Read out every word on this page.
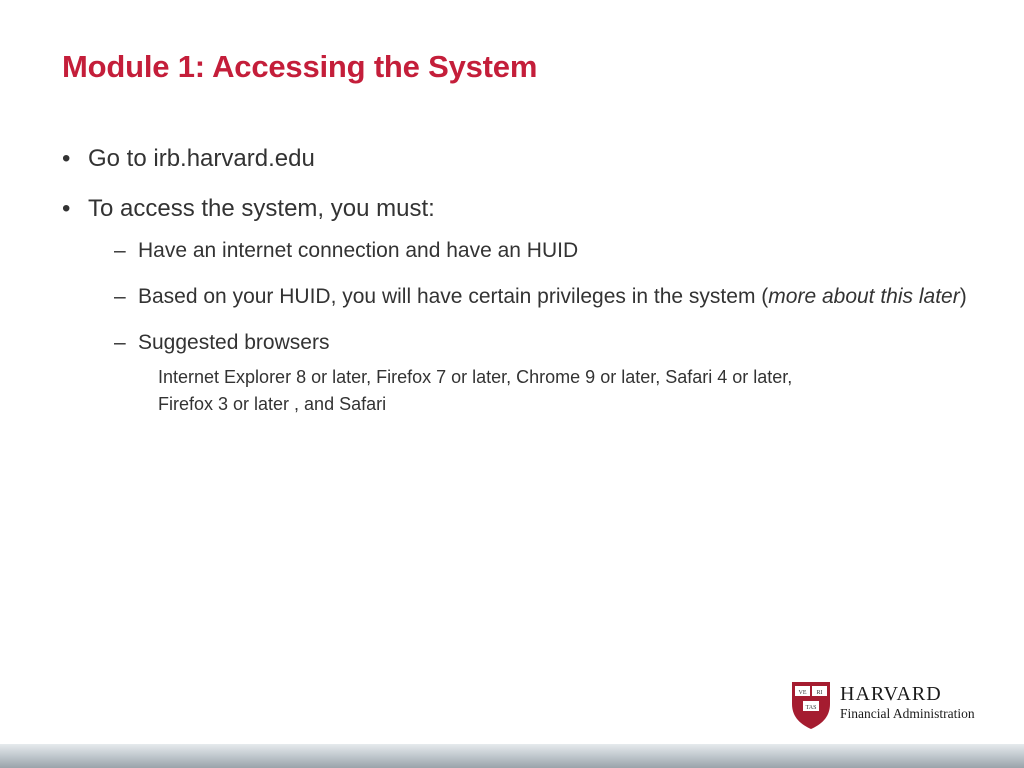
Module 1: Accessing the System
• Go to irb.harvard.edu
• To access the system, you must:
– Have an internet connection and have an HUID
– Based on your HUID, you will have certain privileges in the system (more about this later)
– Suggested browsers
Internet Explorer 8 or later, Firefox 7 or later, Chrome 9 or later, Safari 4 or later,
Firefox 3 or later , and Safari
VE RI
TAS
HARVARD
Financial Administration
